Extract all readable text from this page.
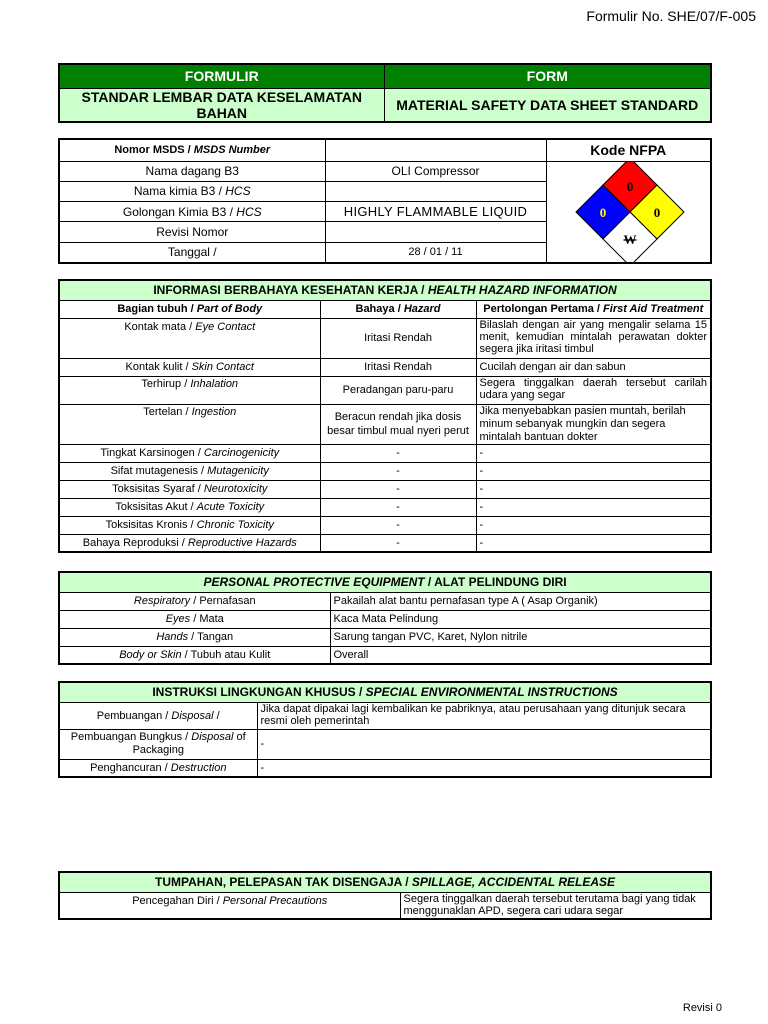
Formulir No. SHE/07/F-005
FORMULIR	FORM
STANDAR LEMBAR DATA KESELAMATAN BAHAN	MATERIAL SAFETY DATA SHEET STANDARD
Nomor MSDS / MSDS Number		Kode NFPA
Nama dagang B3	OLI Compressor	0
0
0
W

Nama kimia B3 / HCS		
Golongan Kimia B3 / HCS	HIGHLY FLAMMABLE LIQUID	
Revisi Nomor		
Tanggal /	28 / 01 / 11	
INFORMASI BERBAHAYA KESEHATAN KERJA / HEALTH HAZARD INFORMATION		
Bagian tubuh / Part of Body	Bahaya / Hazard	Pertolongan Pertama / First Aid Treatment
Kontak mata / Eye Contact	Iritasi Rendah	Bilaslah dengan air yang mengalir selama 15 menit, kemudian mintalah perawatan dokter segera jika iritasi timbul
Kontak kulit / Skin Contact	Iritasi Rendah	Cucilah dengan air dan sabun
Terhirup / Inhalation	Peradangan paru-paru	Segera tinggalkan daerah tersebut carilah udara yang segar
Tertelan / Ingestion	Beracun rendah jika dosis besar timbul mual nyeri perut	Jika menyebabkan pasien muntah, berilah minum sebanyak mungkin dan segera mintalah bantuan dokter
Tingkat Karsinogen / Carcinogenicity	-	-
Sifat mutagenesis / Mutagenicity	-	-
Toksisitas Syaraf / Neurotoxicity	-	-
Toksisitas Akut / Acute Toxicity	-	-
Toksisitas Kronis / Chronic Toxicity	-	-
Bahaya Reproduksi / Reproductive Hazards	-	-
PERSONAL PROTECTIVE EQUIPMENT / ALAT PELINDUNG DIRI	
Respiratory / Pernafasan	Pakailah alat bantu pernafasan type A ( Asap Organik)
Eyes / Mata	Kaca Mata Pelindung
Hands / Tangan	Sarung tangan PVC, Karet, Nylon nitrile
Body or Skin / Tubuh atau Kulit	Overall
INSTRUKSI LINGKUNGAN KHUSUS / SPECIAL ENVIRONMENTAL INSTRUCTIONS	
Pembuangan / Disposal /	Jika dapat dipakai lagi kembalikan ke pabriknya, atau perusahaan yang ditunjuk secara resmi oleh pemerintah
Pembuangan Bungkus / Disposal of Packaging	-
Penghancuran / Destruction	-
TUMPAHAN, PELEPASAN TAK DISENGAJA / SPILLAGE, ACCIDENTAL RELEASE
Pencegahan Diri / Personal Precautions	Segera tinggalkan daerah tersebut terutama bagi yang tidak menggunaklan APD, segera cari udara segar
Revisi 0
